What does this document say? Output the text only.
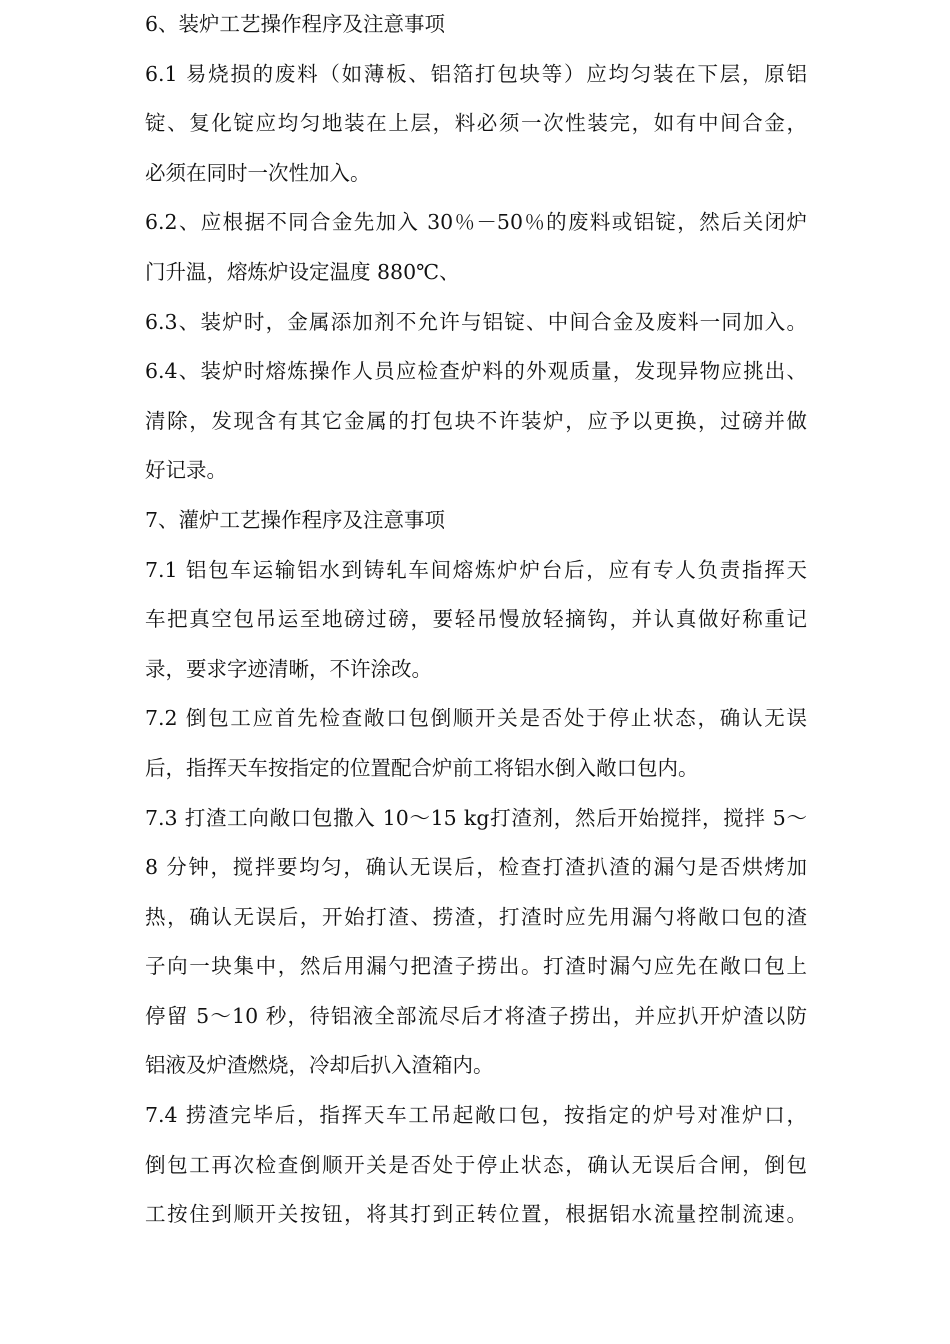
6、装炉工艺操作程序及注意事项
6.1 易烧损的废料（如薄板、铝箔打包块等）应均匀装在下层，原铝
锭、复化锭应均匀地装在上层，料必须一次性装完，如有中间合金，
必须在同时一次性加入。
6.2、应根据不同合金先加入 30％－50％的废料或铝锭，然后关闭炉
门升温，熔炼炉设定温度 880℃、
6.3、装炉时，金属添加剂不允许与铝锭、中间合金及废料一同加入。
6.4、装炉时熔炼操作人员应检查炉料的外观质量，发现异物应挑出、
清除，发现含有其它金属的打包块不许装炉，应予以更换，过磅并做
好记录。
7、灌炉工艺操作程序及注意事项
7.1 铝包车运输铝水到铸轧车间熔炼炉炉台后，应有专人负责指挥天
车把真空包吊运至地磅过磅，要轻吊慢放轻摘钩，并认真做好称重记
录，要求字迹清晰，不许涂改。
7.2 倒包工应首先检查敞口包倒顺开关是否处于停止状态，确认无误
后，指挥天车按指定的位置配合炉前工将铝水倒入敞口包内。
7.3 打渣工向敞口包撒入 10～15 kg打渣剂，然后开始搅拌，搅拌 5～
8 分钟，搅拌要均匀，确认无误后，检查打渣扒渣的漏勺是否烘烤加
热，确认无误后，开始打渣、捞渣，打渣时应先用漏勺将敞口包的渣
子向一块集中，然后用漏勺把渣子捞出。打渣时漏勺应先在敞口包上
停留 5～10 秒，待铝液全部流尽后才将渣子捞出，并应扒开炉渣以防
铝液及炉渣燃烧，冷却后扒入渣箱内。
7.4 捞渣完毕后，指挥天车工吊起敞口包，按指定的炉号对准炉口，
倒包工再次检查倒顺开关是否处于停止状态，确认无误后合闸，倒包
工按住到顺开关按钮，将其打到正转位置，根据铝水流量控制流速。
